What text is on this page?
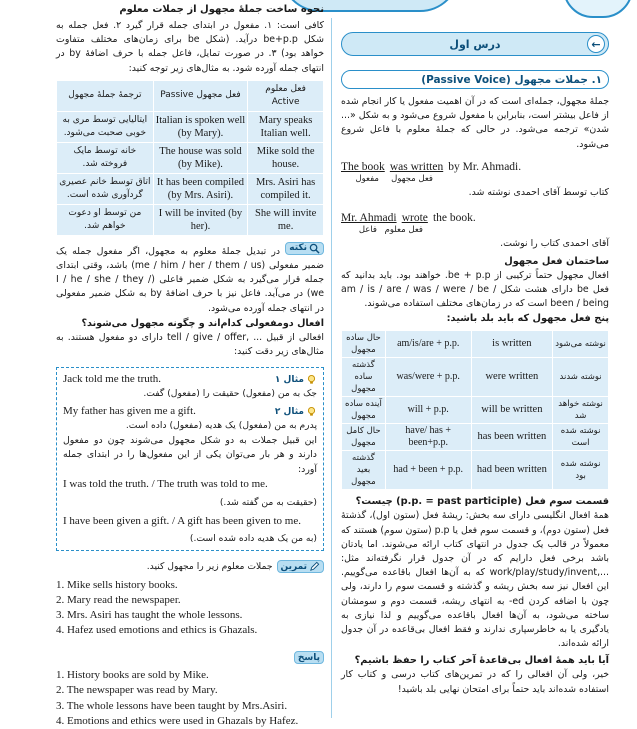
نحوه ساخت جملهٔ مجهول از جملات معلوم

کافی است: ۱. مفعول در ابتدای جمله قرار گیرد ۲. فعل جمله به شکل be+p.p درآید. (شکل be برای زمان‌های مختلف متفاوت خواهد بود) ۳. در صورت تمایل، فاعل جمله با حرف اضافهٔ by در انتهای جمله آورده شود. به مثال‌های زیر توجه کنید:

ترجمهٔ جملهٔ مجهول	فعل مجهول Passive	فعل معلوم Active
ایتالیایی توسط مری به خوبی صحبت می‌شود.	Italian is spoken well (by Mary).	Mary speaks Italian well.
خانه توسط مایک فروخته شد.	The house was sold (by Mike).	Mike sold the house.
اتاق توسط خانم عصیری گردآوری شده است.	It has been compiled (by Mrs. Asiri).	Mrs. Asiri has compiled it.
من توسط او دعوت خواهم شد.	I will be invited (by her).	She will invite me.

نکته
در تبدیل جملهٔ معلوم به مجهول، اگر مفعول جمله یک ضمیر مفعولی (me / him / her / them / us) باشد، وقتی ابتدای جمله قرار می‌گیرد به شکل ضمیر فاعلی (I / he / she / they / we) در می‌آید. فاعل نیز با حرف اضافهٔ by به شکل ضمیر مفعولی در انتهای جمله آورده می‌شود.

افعال دومفعولی کدام‌اند و چگونه مجهول می‌شوند؟

افعالی از قبیل ... ,tell / give / offer دارای دو مفعول هستند. به مثال‌های زیر دقت کنید:

Jack told me the truth.	مثال ۱
جک به من (مفعول) حقیقت را (مفعول) گفت.
My father has given me a gift.	مثال ۲
پدرم به من (مفعول) یک هدیه (مفعول) داده است.

این قبیل جملات به دو شکل مجهول می‌شوند چون دو مفعول دارند و هر بار می‌توان یکی از این مفعول‌ها را در ابتدای جمله آورد:

I was told the truth. / The truth was told to me.
(حقیقت به من گفته شد.)
I have been given a gift. / A gift has been given to me.
(به من یک هدیه داده شده است.)
تمرین
جملات معلوم زیر را مجهول کنید.
1. Mike sells history books.
2. Mary read the newspaper.
3. Mrs. Asiri has taught the whole lessons.
4. Hafez used emotions and ethics is Ghazals.
پاسخ
1. History books are sold by Mike.
2. The newspaper was read by Mary.
3. The whole lessons have been taught by Mrs.Asiri.
4. Emotions and ethics were used in Ghazals by Hafez.
درس اول	←
۱. جملات مجهول (Passive Voice)

جملهٔ مجهول، جمله‌ای است که در آن اهمیت مفعول یا کار انجام شده از فاعل بیشتر است، بنابراین با مفعول شروع می‌شود و به شکل «... شدن» ترجمه می‌شود. در حالی که جملهٔ معلوم با فاعل شروع می‌شود.

The book was written by Mr. Ahmadi.
مفعول فعل مجهول
کتاب توسط آقای احمدی نوشته شد.
Mr. Ahmadi wrote the book.
فاعل فعل معلوم
آقای احمدی کتاب را نوشت.
ساختمان فعل مجهول

افعال مجهول حتماً ترکیبی از be + p.p. خواهند بود. باید بدانید که فعل be دارای هشت شکل am / is / are / was / were / be / been / being است که در زمان‌های مختلف استفاده می‌شوند.

پنج فعل مجهول که باید بلد باشید:
حال ساده مجهول	am/is/are + p.p.	is written	نوشته می‌شود
گذشته ساده مجهول	was/were + p.p.	were written	نوشته شدند
آینده ساده مجهول	will + p.p.	will be written	نوشته خواهد شد
حال کامل مجهول	have/ has + been+p.p.	has been written	نوشته شده است
گذشته بعید مجهول	had + been + p.p.	had been written	نوشته شده بود
قسمت سوم فعل (p.p. = past participle) چیست؟

همهٔ افعال انگلیسی دارای سه بخش: ریشهٔ فعل (ستون اول)، گذشتهٔ فعل (ستون دوم)، و قسمت سوم فعل یا p.p (ستون سوم) هستند که معمولاً در قالب یک جدول در انتهای کتاب ارائه می‌شوند. اما یادتان باشد برخی فعل دارایم که در آن جدول قرار نگرفته‌اند مثل: ...,work/play/study/invent که به آن‌ها افعال باقاعده می‌گوییم. این افعال نیز سه بخش ریشه و گذشته و قسمت سوم را دارند، ولی چون با اضافه کردن ed- به انتهای ریشه، قسمت دوم و سومشان ساخته می‌شود، به آن‌ها افعال باقاعده می‌گوییم و لذا نیازی به یادگیری یا به خاطرسپاری ندارند و فقط افعال بی‌قاعده در آن جدول ارائه شده‌اند.

آیا باید همهٔ افعال بی‌قاعدهٔ آخر کتاب را حفظ باشیم؟

خیر، ولی آن افعالی را که در تمرین‌های کتاب درسی و کتاب کار استفاده شده‌اند باید حتماً برای امتحان نهایی بلد باشید!
